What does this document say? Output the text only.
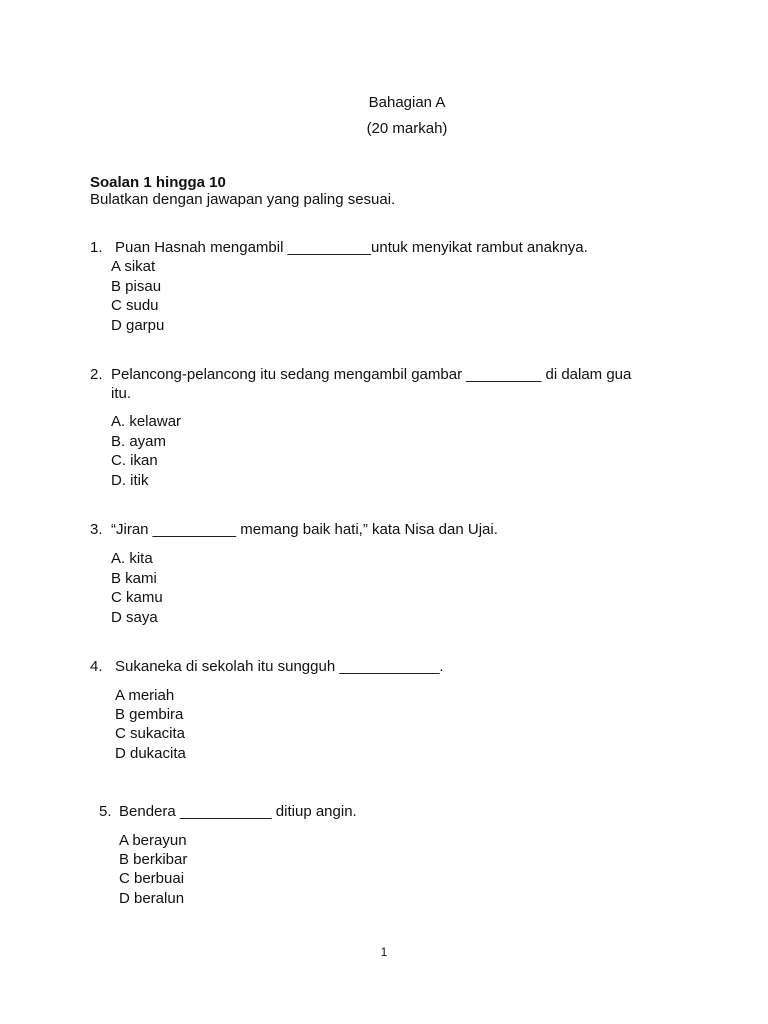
Bahagian A
(20 markah)
Soalan 1 hingga 10
Bulatkan dengan jawapan yang paling sesuai.
1. Puan Hasnah mengambil __________untuk menyikat rambut anaknya.
A sikat
B pisau
C sudu
D garpu
2. Pelancong-pelancong itu sedang mengambil gambar _________ di dalam gua
itu.
A. kelawar
B. ayam
C. ikan
D. itik
3. “Jiran __________ memang baik hati,” kata Nisa dan Ujai.
A. kita
B kami
C kamu
D saya
4. Sukaneka di sekolah itu sungguh ____________.
A meriah
B gembira
C sukacita
D dukacita
5. Bendera ___________ ditiup angin.
A berayun
B berkibar
C berbuai
D beralun
1
